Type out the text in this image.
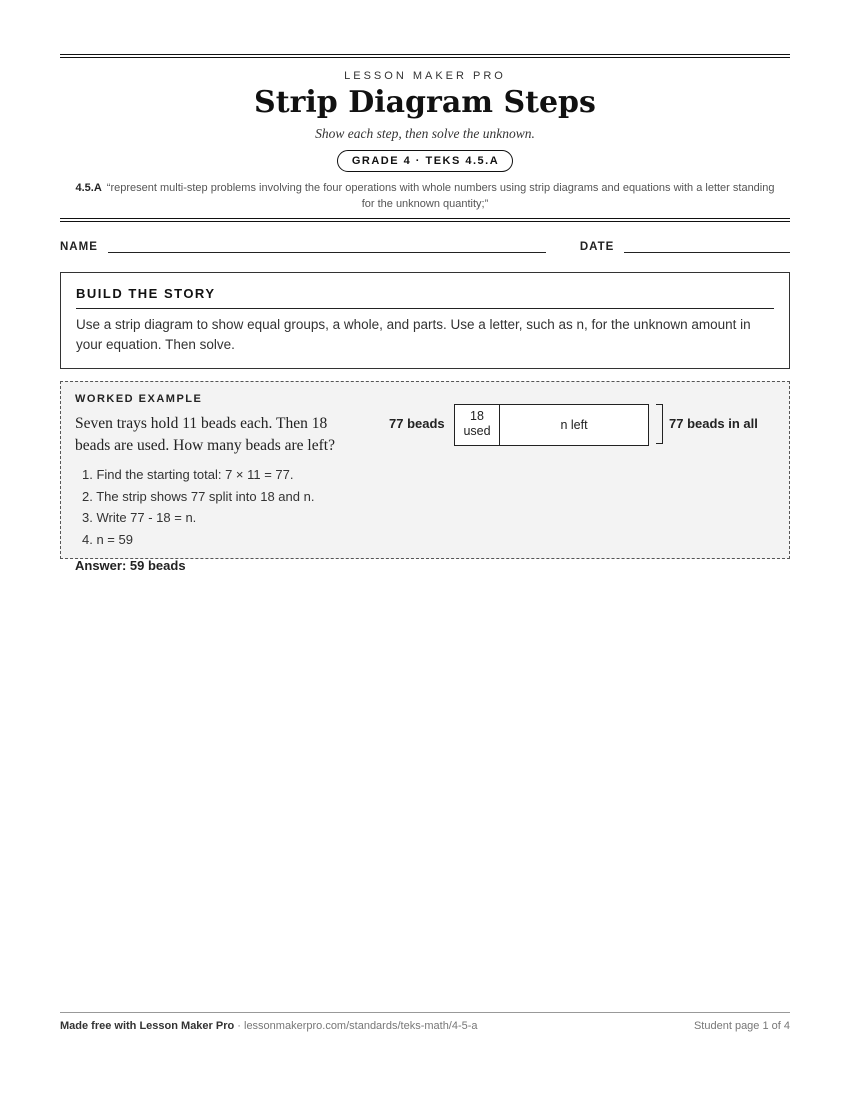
LESSON MAKER PRO
Strip Diagram Steps
Show each step, then solve the unknown.
GRADE 4 · TEKS 4.5.A
4.5.A “represent multi-step problems involving the four operations with whole numbers using strip diagrams and equations with a letter standing for the unknown quantity;”
NAME	DATE
BUILD THE STORY
Use a strip diagram to show equal groups, a whole, and parts. Use a letter, such as n, for the unknown amount in your equation. Then solve.
WORKED EXAMPLE
Seven trays hold 11 beads each. Then 18 beads are used. How many beads are left?
1. Find the starting total: 7 × 11 = 77.
2. The strip shows 77 split into 18 and n.
3. Write 77 - 18 = n.
4. n = 59
Answer: 59 beads
77 beads	18
used	n left	77 beads in all
Made free with Lesson Maker Pro · lessonmakerpro.com/standards/teks-math/4-5-a	Student page 1 of 4
